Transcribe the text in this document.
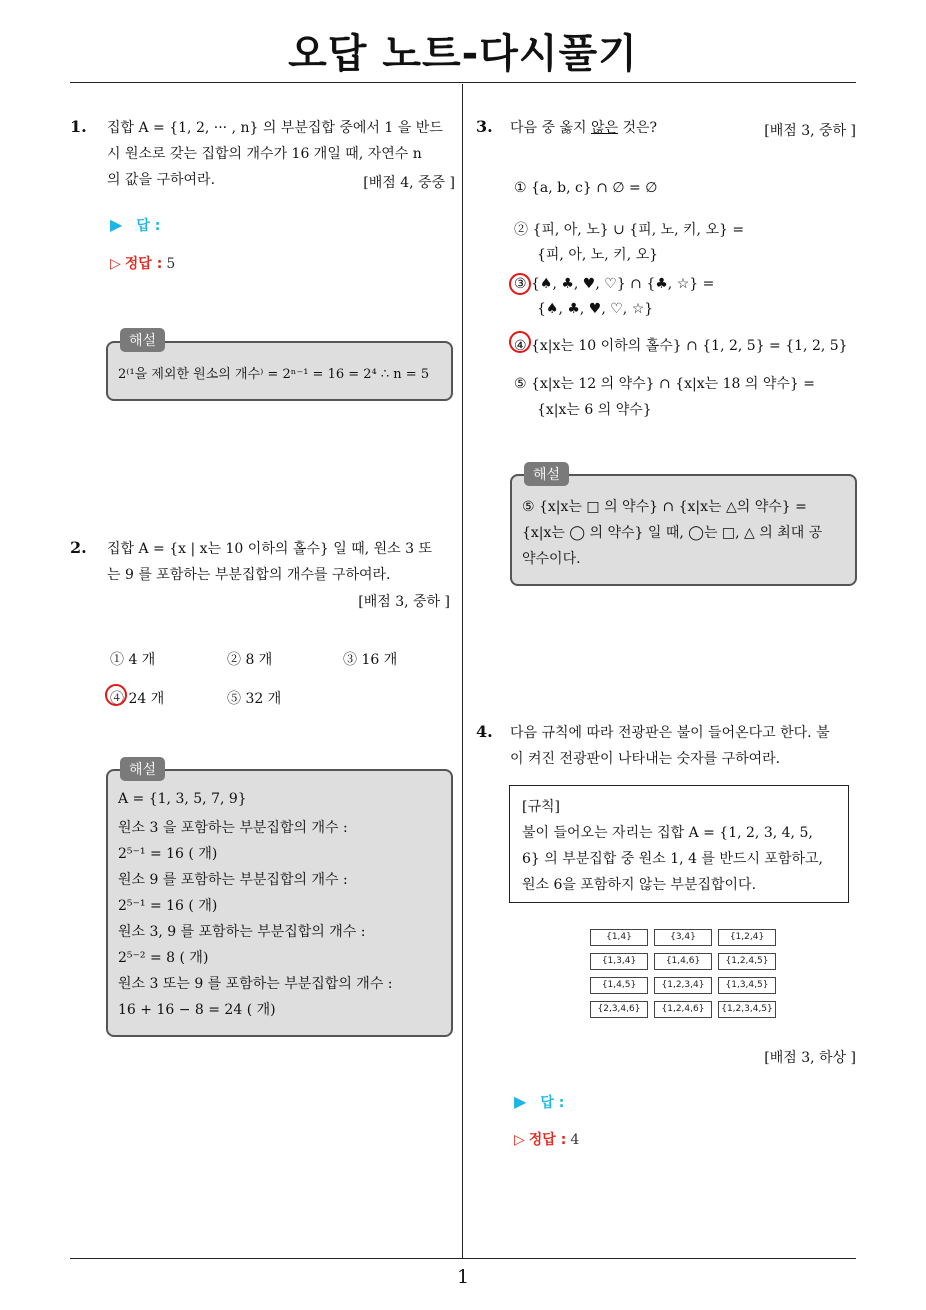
오답 노트-다시풀기
1
1. 집합 A = {1, 2, ··· , n} 의 부분집합 중에서 1 을 반드
시 원소로 갖는 집합의 개수가 16 개일 때, 자연수 n
의 값을 구하여라.	[배점 4, 중중 ]
▶ 답 :
▷ 정답 : 5
2⁽¹을 제외한 원소의 개수⁾ = 2ⁿ⁻¹ = 16 = 2⁴ ∴ n = 5
해설
2. 집합 A = {x | x는 10 이하의 홀수} 일 때, 원소 3 또
는 9 를 포함하는 부분집합의 개수를 구하여라.
[배점 3, 중하 ]
① 4 개	② 8 개	③ 16 개
④ 24 개	⑤ 32 개
A = {1, 3, 5, 7, 9}
원소 3 을 포함하는 부분집합의 개수 :
2⁵⁻¹ = 16 ( 개)
원소 9 를 포함하는 부분집합의 개수 :
2⁵⁻¹ = 16 ( 개)
원소 3, 9 를 포함하는 부분집합의 개수 :
2⁵⁻² = 8 ( 개)
원소 3 또는 9 를 포함하는 부분집합의 개수 :
16 + 16 − 8 = 24 ( 개)
해설
3. 다음 중 옳지 않은 것은?	[배점 3, 중하 ]
① {a, b, c} ∩ ∅ = ∅
② {피, 아, 노} ∪ {피, 노, 키, 오} =
{피, 아, 노, 키, 오}
③ {♠, ♣, ♥, ♡} ∩ {♣, ☆} =
{♠, ♣, ♥, ♡, ☆}
④ {x|x는 10 이하의 홀수} ∩ {1, 2, 5} = {1, 2, 5}
⑤ {x|x는 12 의 약수} ∩ {x|x는 18 의 약수} =
{x|x는 6 의 약수}
⑤ {x|x는 □ 의 약수} ∩ {x|x는 △의 약수} =
{x|x는 ◯ 의 약수} 일 때, ◯는 □, △ 의 최대 공
약수이다.
해설
4. 다음 규칙에 따라 전광판은 불이 들어온다고 한다. 불
이 켜진 전광판이 나타내는 숫자를 구하여라.
[규칙]
불이 들어오는 자리는 집합 A = {1, 2, 3, 4, 5,
6} 의 부분집합 중 원소 1, 4 를 반드시 포함하고,
원소 6을 포함하지 않는 부분집합이다.
{1,4}	{3,4}	{1,2,4}
{1,3,4}	{1,4,6}	{1,2,4,5}
{1,4,5}	{1,2,3,4}	{1,3,4,5}
{2,3,4,6}	{1,2,4,6}	{1,2,3,4,5}
[배점 3, 하상 ]
▶ 답 :
▷ 정답 : 4
